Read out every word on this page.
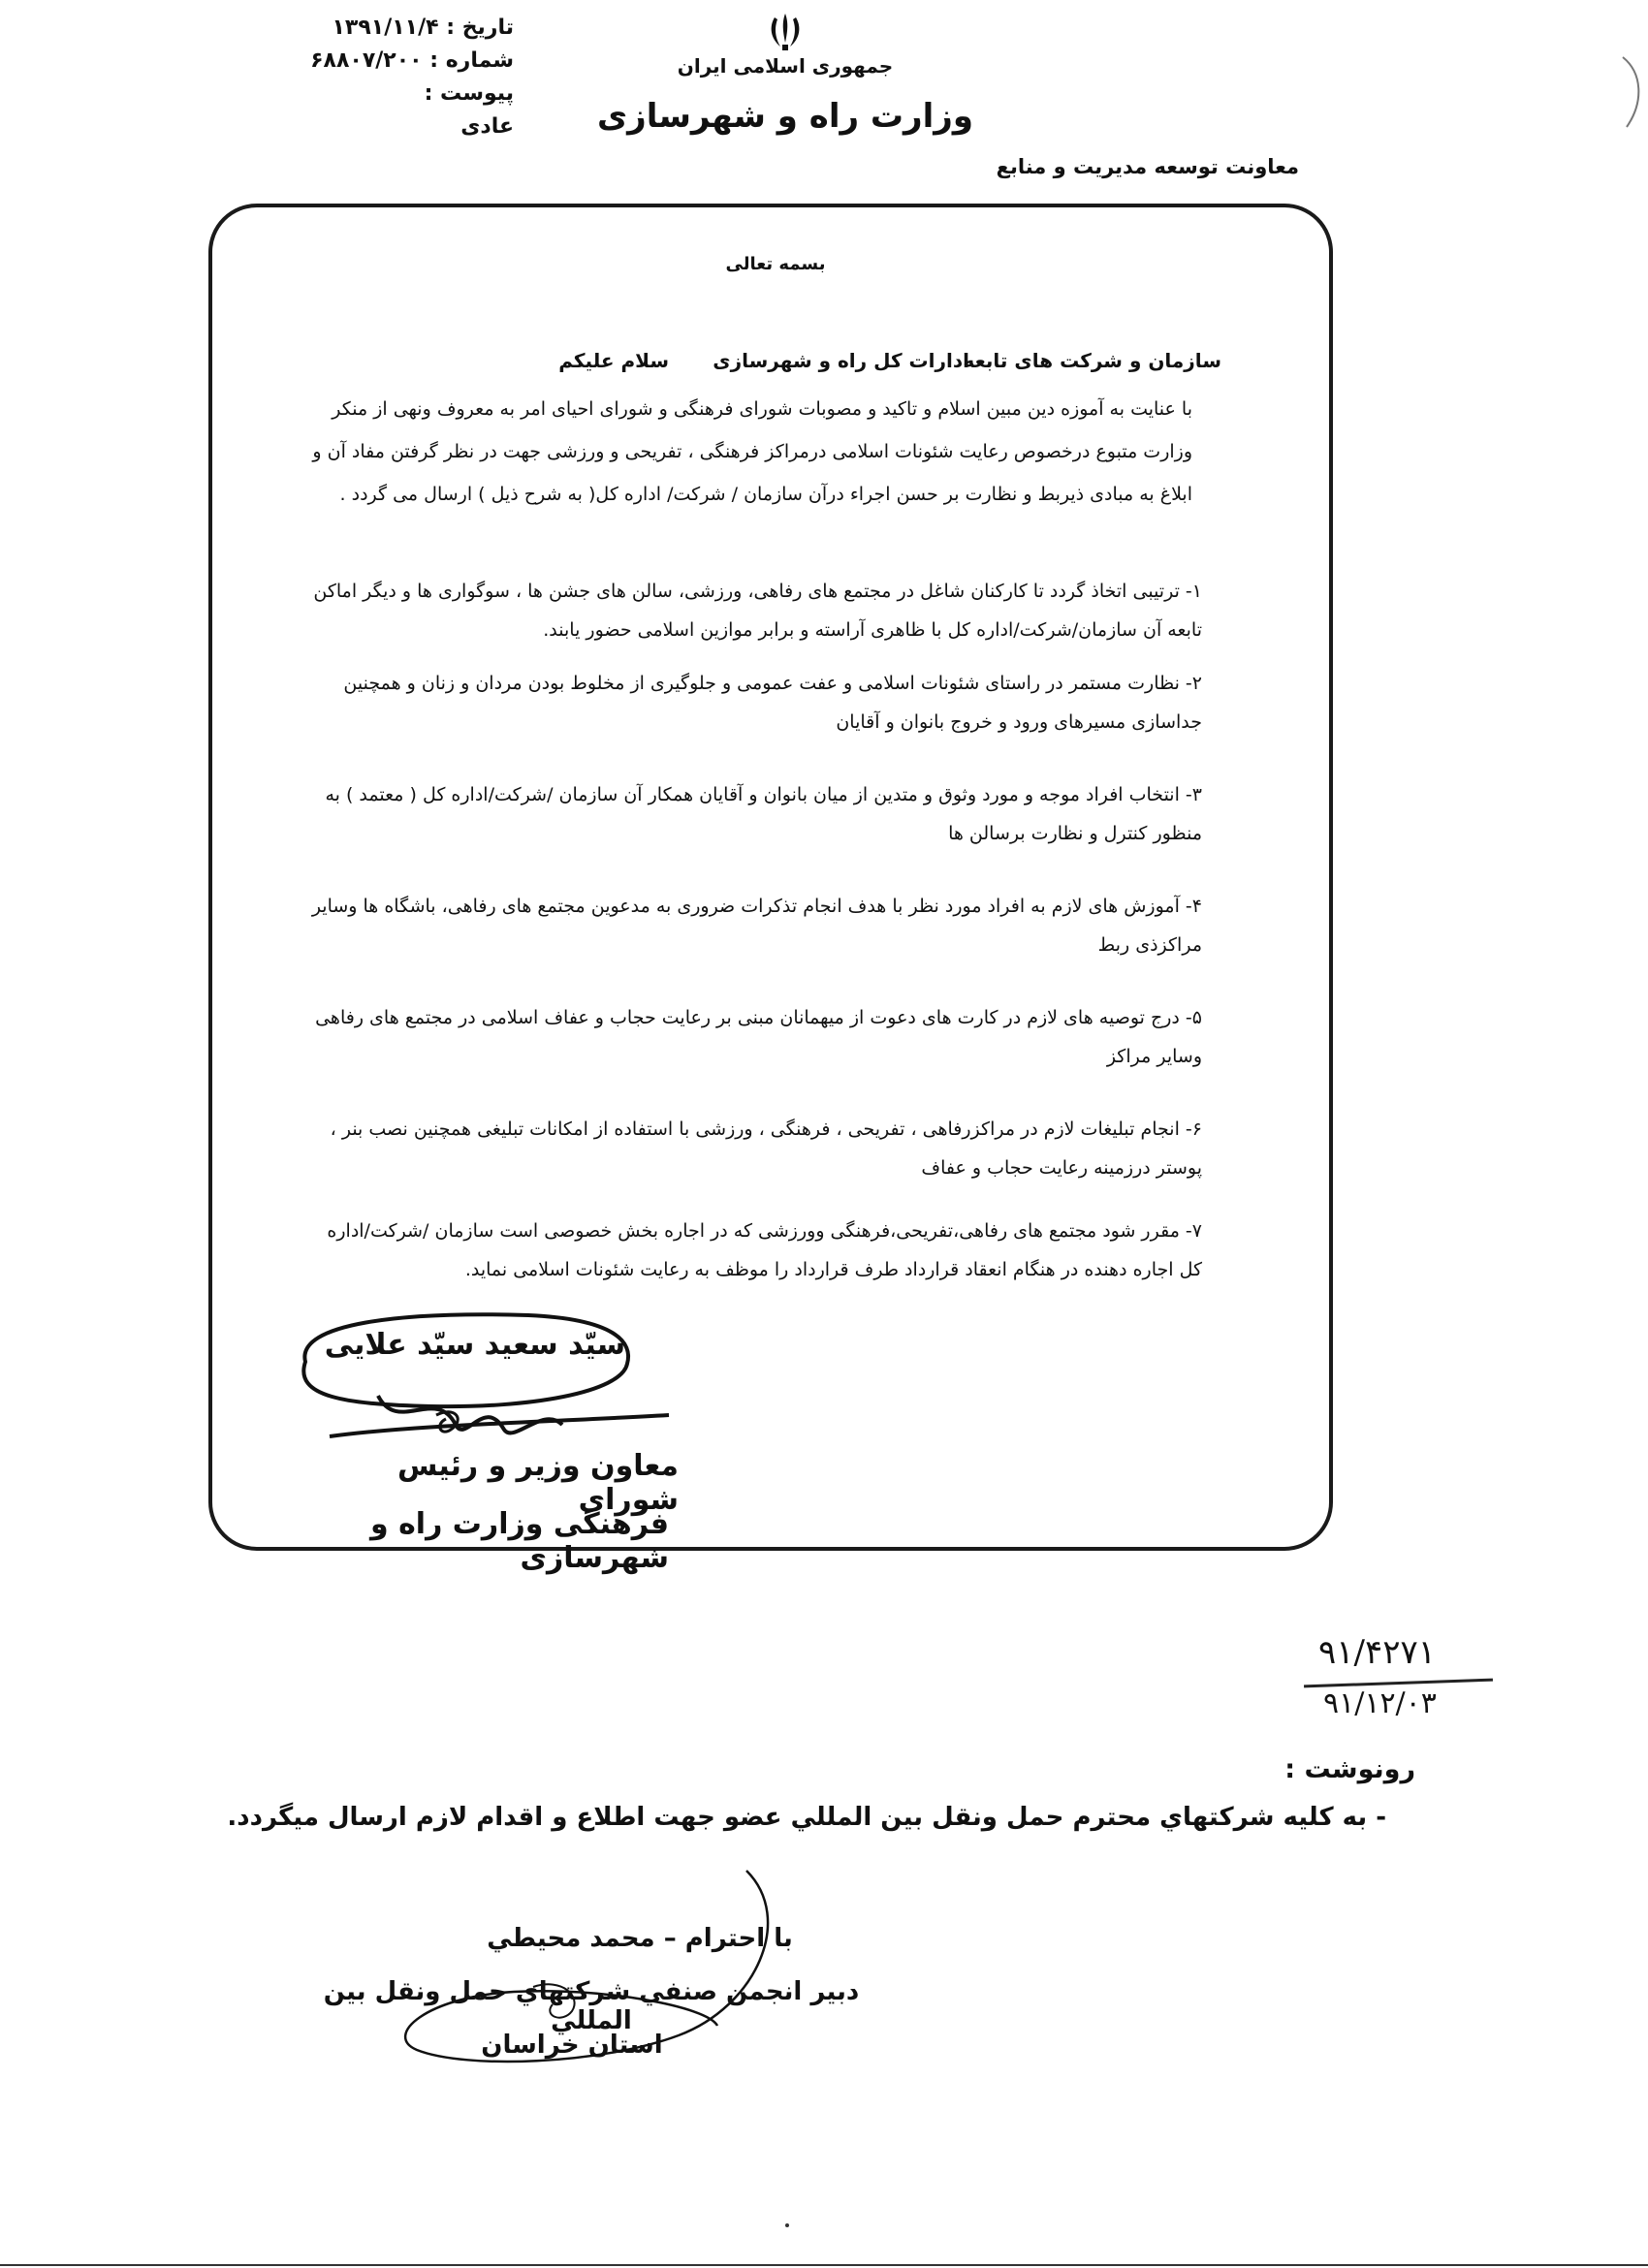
تاریخ : ۱۳۹۱/۱۱/۴
شماره : ۶۸۸۰۷/۲۰۰
پیوست :
عادی
جمهوری اسلامی ایران
وزارت راه و شهرسازی
معاونت توسعه مدیریت و منابع
بسمه تعالی
سازمان و شرکت های تابعه
ادارات کل راه و شهرسازی
سلام علیکم
با عنایت به آموزه دین مبین اسلام و تاکید و مصوبات شورای فرهنگی و شورای احیای امر به معروف ونهی از منکر وزارت متبوع درخصوص رعایت شئونات اسلامی درمراکز فرهنگی ، تفریحی و ورزشی جهت در نظر گرفتن مفاد آن و ابلاغ به مبادی ذیربط و نظارت بر حسن اجراء درآن سازمان / شرکت/ اداره کل( به شرح ذیل ) ارسال می گردد .
۱- ترتیبی اتخاذ گردد تا کارکنان شاغل در مجتمع های رفاهی، ورزشی، سالن های جشن ها ، سوگواری ها و دیگر اماکن تابعه آن سازمان/شرکت/اداره کل با ظاهری آراسته و برابر موازین اسلامی حضور یابند.
۲- نظارت مستمر در راستای شئونات اسلامی و عفت عمومی و جلوگیری از مخلوط بودن مردان و زنان و همچنین جداسازی مسیرهای ورود و خروج بانوان و آقایان
۳- انتخاب افراد موجه و مورد وثوق و متدین از میان بانوان و آقایان همکار آن سازمان /شرکت/اداره کل ( معتمد ) به منظور کنترل و نظارت برسالن ها
۴- آموزش های لازم به افراد مورد نظر با هدف انجام تذکرات ضروری به مدعوین مجتمع های رفاهی، باشگاه ها وسایر مراکزذی ربط
۵- درج توصیه های لازم در کارت های دعوت از میهمانان مبنی بر رعایت حجاب و عفاف اسلامی در مجتمع های رفاهی وسایر مراکز
۶- انجام تبلیغات لازم در مراکزرفاهی ، تفریحی ، فرهنگی ، ورزشی با استفاده از امکانات تبلیغی همچنین نصب بنر ، پوستر درزمینه رعایت حجاب و عفاف
۷- مقرر شود مجتمع های رفاهی،تفریحی،فرهنگی وورزشی که در اجاره بخش خصوصی است سازمان /شرکت/اداره کل اجاره دهنده در هنگام انعقاد قرارداد طرف قرارداد را موظف به رعایت شئونات اسلامی نماید.
سیّد سعید سیّد علایی
معاون وزیر و رئیس شورای
فرهنگی وزارت راه و شهرسازی
۹۱/۴۲۷۱
۹۱/۱۲/۰۳
رونوشت :
- به کلیه شرکتهاي محترم حمل ونقل بین المللي عضو جهت اطلاع و اقدام لازم ارسال میگردد.
با احترام – محمد محیطي
دبیر انجمن صنفي شرکتهاي حمل ونقل بین المللي
استان خراسان
